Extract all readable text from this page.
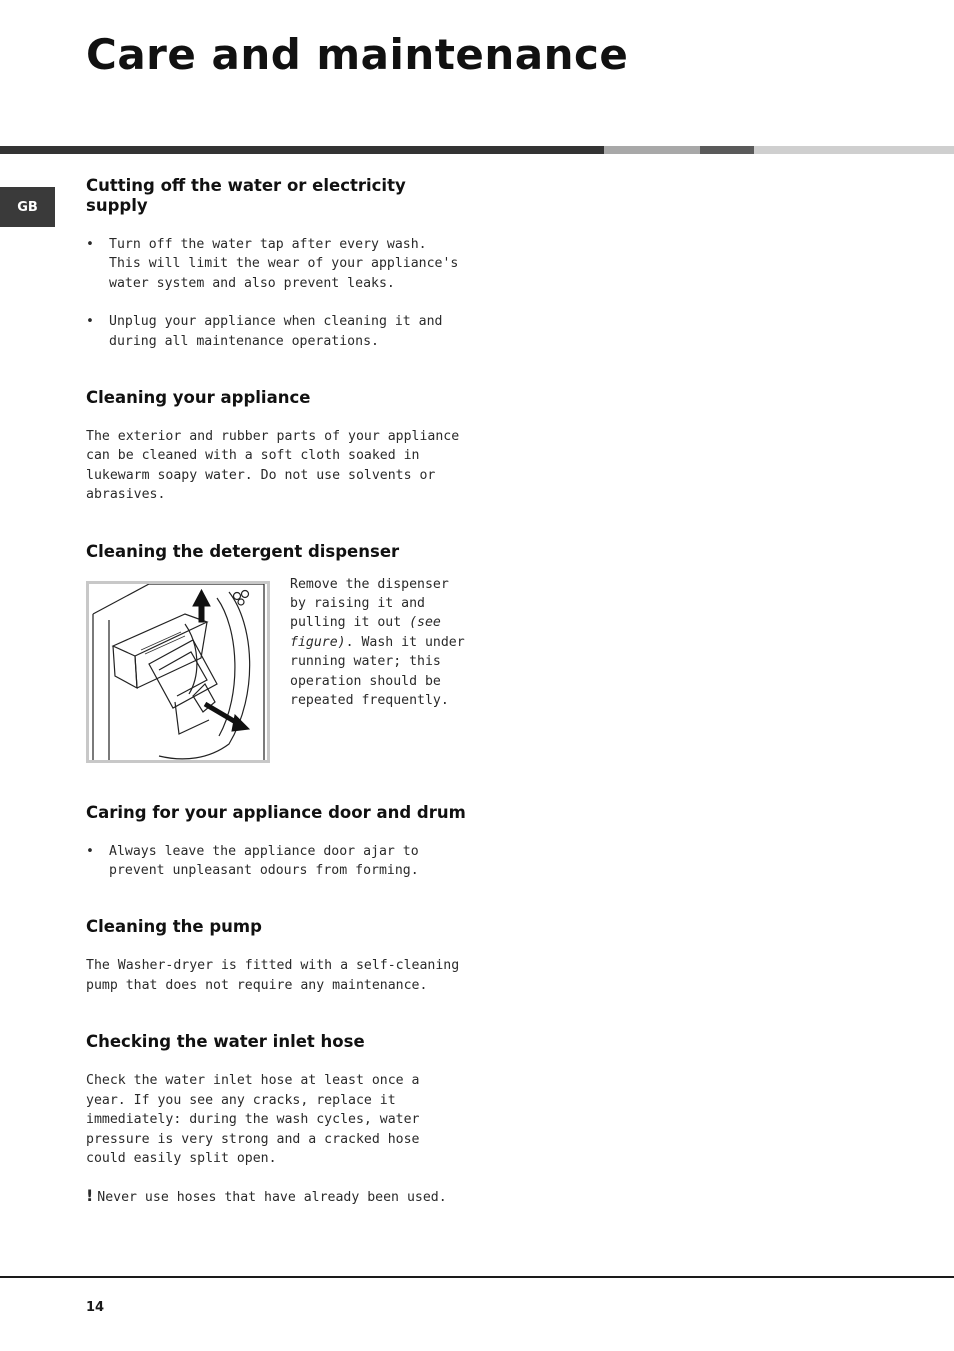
Care and maintenance
GB
Cutting off the water or electricity supply
• Turn off the water tap after every wash. This will limit the wear of your appliance's water system and also prevent leaks.
• Unplug your appliance when cleaning it and during all maintenance operations.
Cleaning your appliance

The exterior and rubber parts of your appliance can be cleaned with a soft cloth soaked in lukewarm soapy water. Do not use solvents or abrasives.

Cleaning the detergent dispenser

Remove the dispenser by raising it and pulling it out (see figure). Wash it under running water; this operation should be repeated frequently.

Caring for your appliance door and drum
• Always leave the appliance door ajar to prevent unpleasant odours from forming.
Cleaning the pump

The Washer-dryer is fitted with a self-cleaning pump that does not require any maintenance.

Checking the water inlet hose

Check the water inlet hose at least once a year. If you see any cracks, replace it immediately: during the wash cycles, water pressure is very strong and a cracked hose could easily split open.

! Never use hoses that have already been used.

14
